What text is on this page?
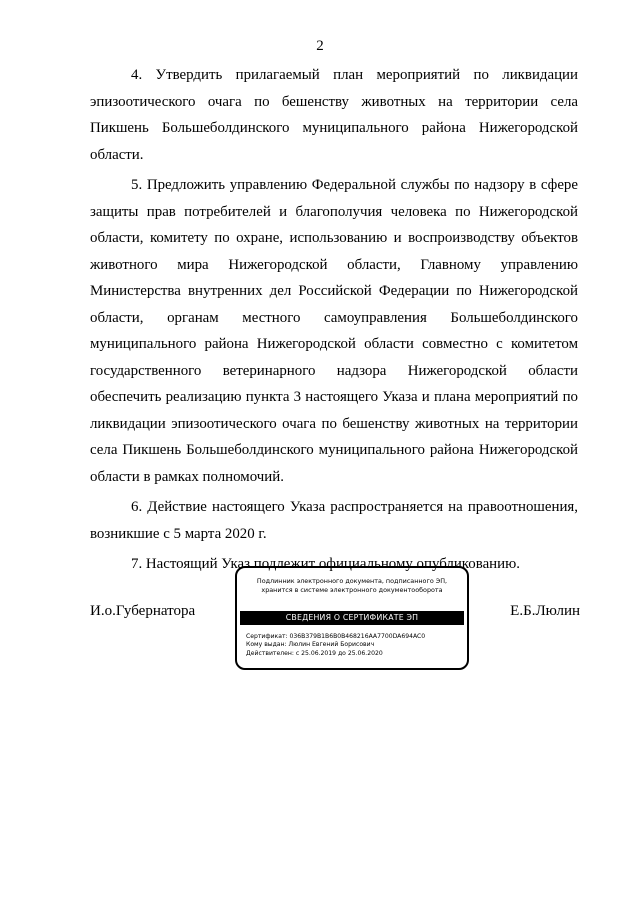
2

4. Утвердить прилагаемый план мероприятий по ликвидации эпизоотического очага по бешенству животных на территории села Пикшень Большеболдинского муниципального района Нижегородской области.

5. Предложить управлению Федеральной службы по надзору в сфере защиты прав потребителей и благополучия человека по Нижегородской области, комитету по охране, использованию и воспроизводству объектов животного мира Нижегородской области, Главному управлению Министерства внутренних дел Российской Федерации по Нижегородской области, органам местного самоуправления Большеболдинского муниципального района Нижегородской области совместно с комитетом государственного ветеринарного надзора Нижегородской области обеспечить реализацию пункта 3 настоящего Указа и плана мероприятий по ликвидации эпизоотического очага по бешенству животных на территории села Пикшень Большеболдинского муниципального района Нижегородской области в рамках полномочий.

6. Действие настоящего Указа распространяется на правоотношения, возникшие с 5 марта 2020 г.

7. Настоящий Указ подлежит официальному опубликованию.

И.о.Губернатора
Подлинник электронного документа, подписанного ЭП,
хранится в системе электронного документооборота
СВЕДЕНИЯ О СЕРТИФИКАТЕ ЭП
Сертификат: 036B379B1B6B0B468216AA7700DA694AC0
Кому выдан: Люлин Евгений Борисович
Действителен: с 25.06.2019 до 25.06.2020
Е.Б.Люлин
